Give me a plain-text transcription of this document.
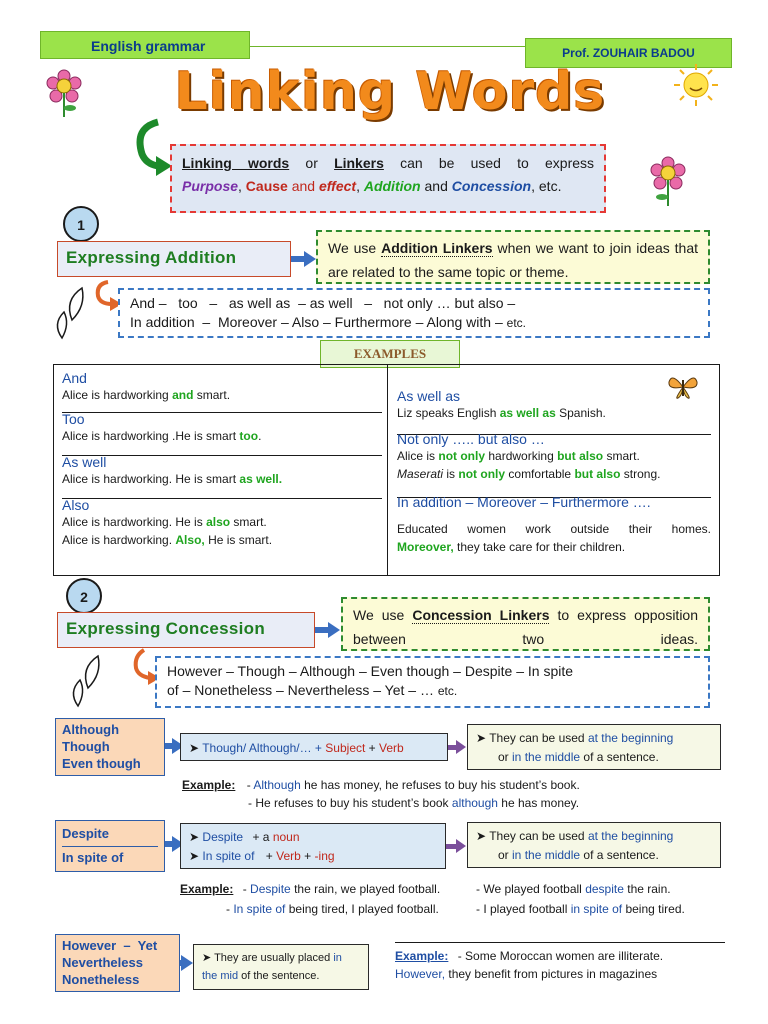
English grammar	Prof. ZOUHAIR BADOU
Linking Words
Linking words or Linkers can be used to express
Purpose, Cause and effect, Addition and Concession, etc.
1
Expressing Addition	We use Addition Linkers when we want to join ideas that are related to the same topic or theme.
And –   too   –   as well as  – as well   –   not only … but also –
In addition  –  Moreover – Also – Furthermore – Along with – etc.
EXAMPLES
And
Alice is hardworking and smart.
Too
Alice is hardworking .He is smart too.
As well
Alice is hardworking. He is smart as well.
Also
Alice is hardworking. He is also smart.
Alice is hardworking. Also, He is smart.
As well as
Liz speaks English as well as Spanish.
Not only ….. but also …
Alice is not only hardworking but also smart.
Maserati is not only comfortable but also strong.
In addition – Moreover – Furthermore ….
Educated women work outside their homes.
Moreover, they take care for their children.
2
Expressing Concession
We use Concession Linkers to express opposition between two ideas.
However – Though – Although – Even though – Despite – In spite
of – Nonetheless – Nevertheless – Yet – … etc.
Although
Though
Even though
➤ Though/ Although/… + Subject + Verb
➤ They can be used at the beginning
or in the middle of a sentence.
Example: - Although he has money, he refuses to buy his student’s book.
- He refuses to buy his student’s book although he has money.
Despite
In spite of
➤ Despite + a noun
➤ In spite of + Verb + -ing
➤ They can be used at the beginning
or in the middle of a sentence.
Example: - Despite the rain, we played football.
- In spite of being tired, I played football.
- We played football despite the rain.
- I played football in spite of being tired.
However  –  Yet
Nevertheless
Nonetheless
➤ They are usually placed in the mid of the sentence.
Example: - Some Moroccan women are illiterate.
However, they benefit from pictures in magazines
